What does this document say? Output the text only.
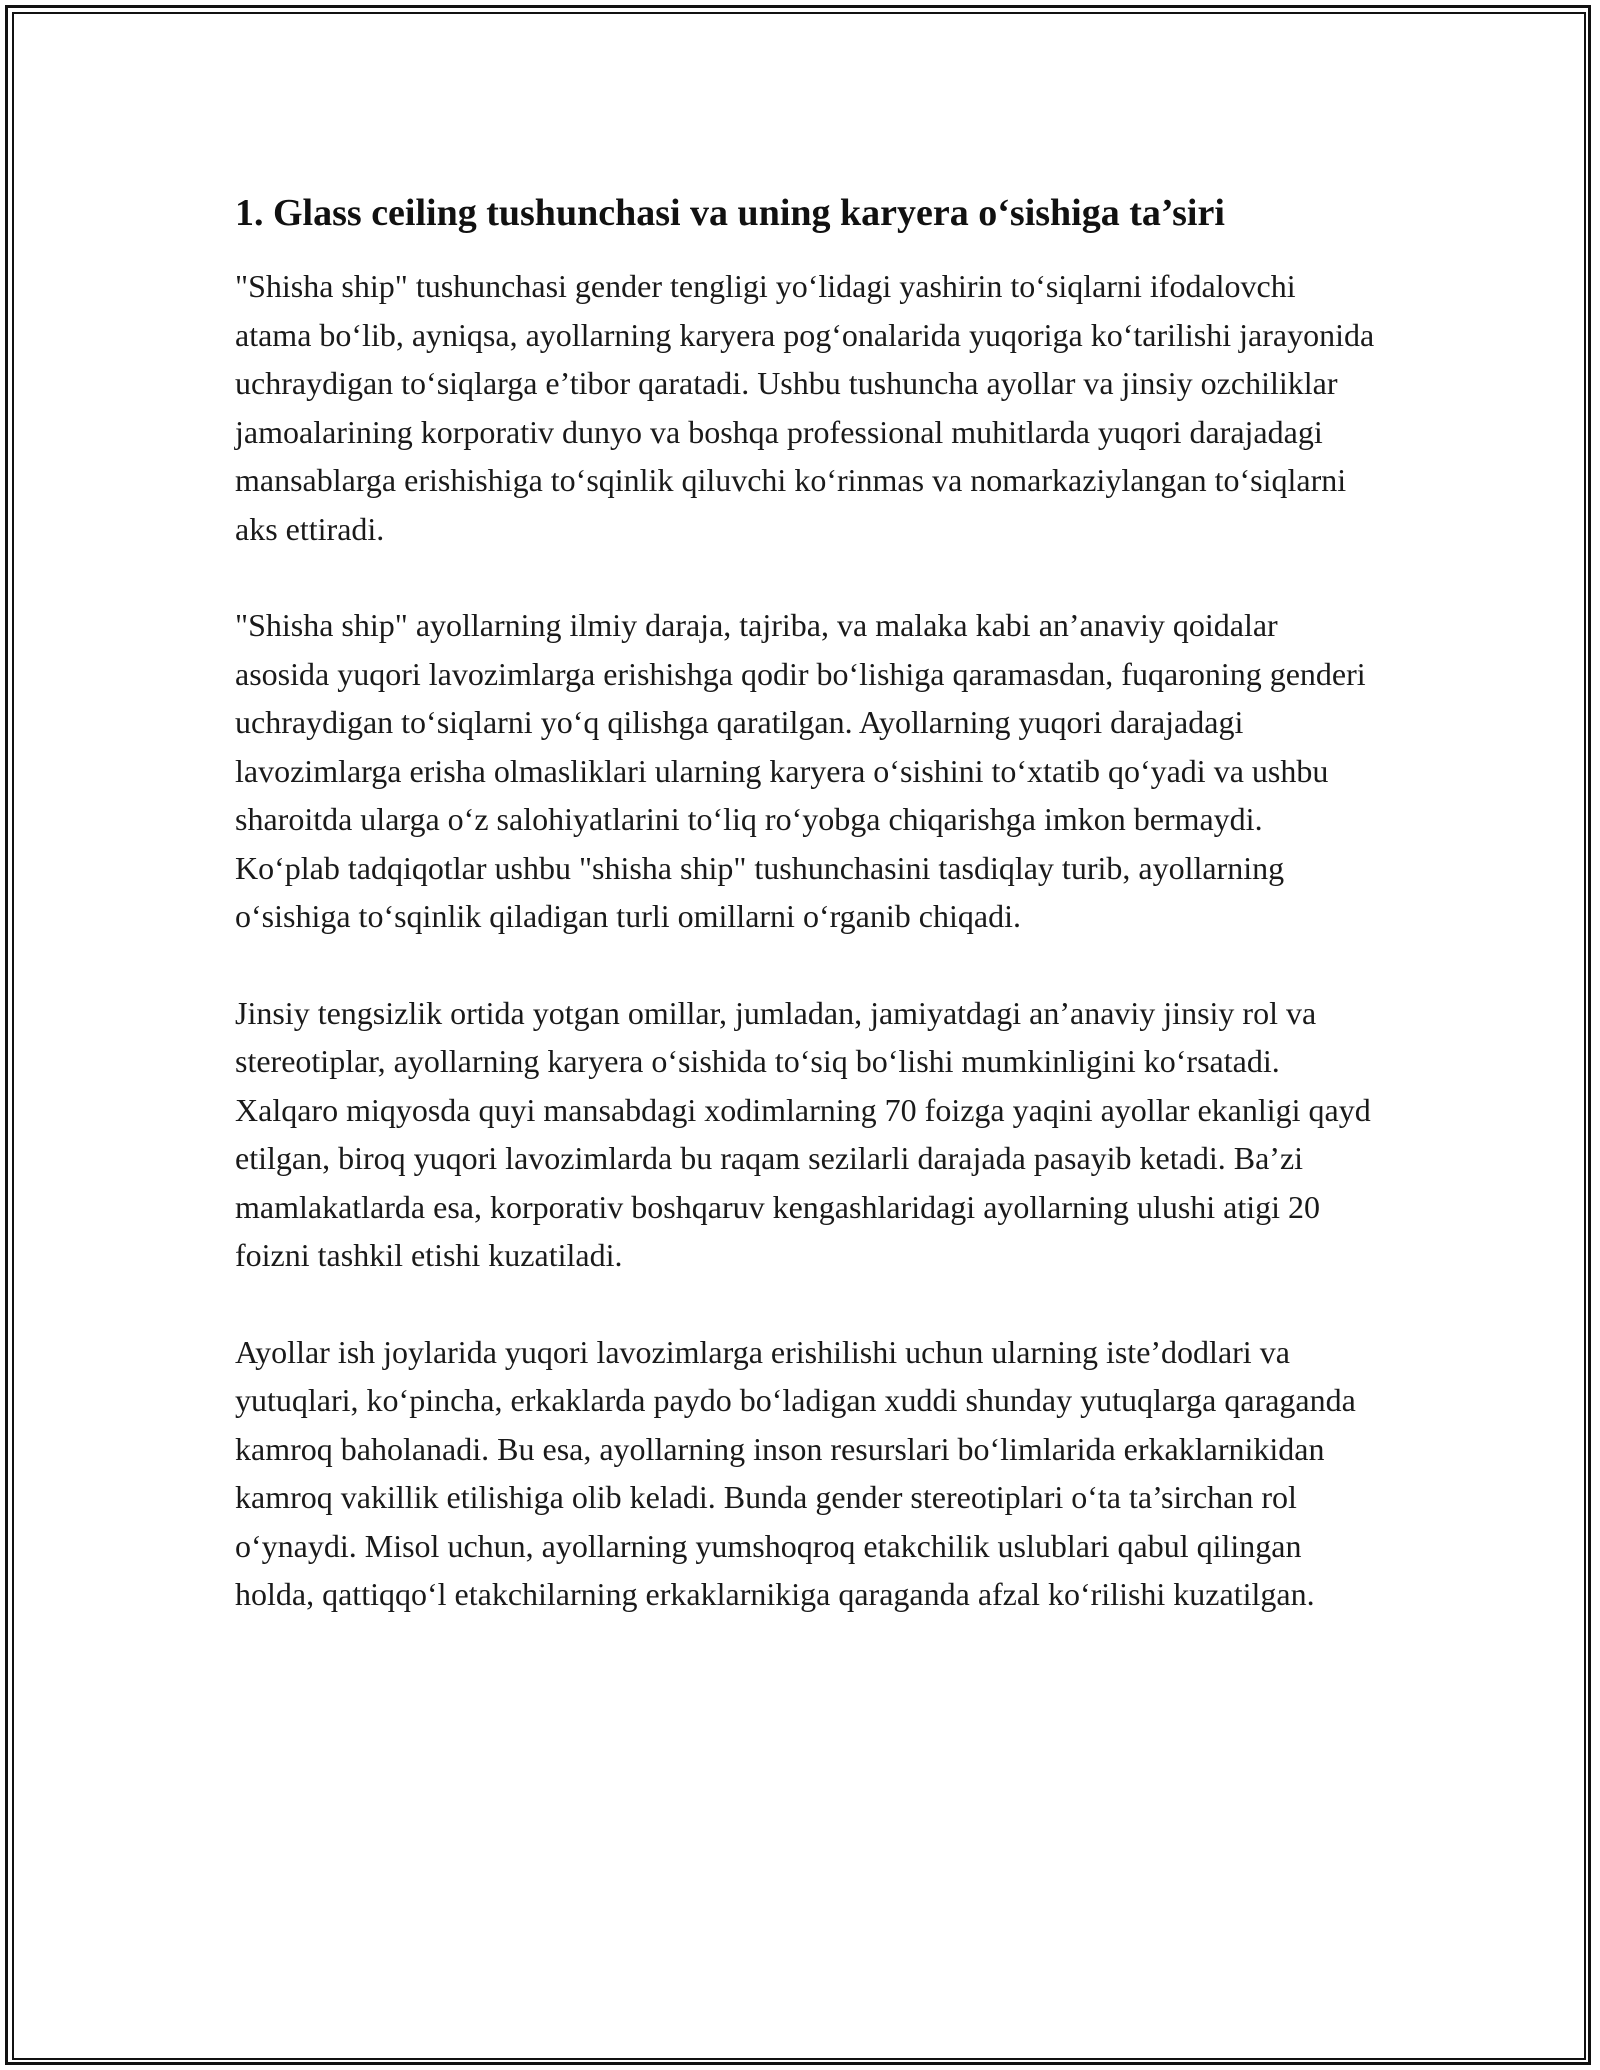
1. Glass ceiling tushunchasi va uning karyera o‘sishiga ta’siri

"Shisha ship" tushunchasi gender tengligi yo‘lidagi yashirin to‘siqlarni ifodalovchi atama bo‘lib, ayniqsa, ayollarning karyera pog‘onalarida yuqoriga ko‘tarilishi jarayonida uchraydigan to‘siqlarga e’tibor qaratadi. Ushbu tushuncha ayollar va jinsiy ozchiliklar jamoalarining korporativ dunyo va boshqa professional muhitlarda yuqori darajadagi mansablarga erishishiga to‘sqinlik qiluvchi ko‘rinmas va nomarkaziylangan to‘siqlarni aks ettiradi.

"Shisha ship" ayollarning ilmiy daraja, tajriba, va malaka kabi an’anaviy qoidalar asosida yuqori lavozimlarga erishishga qodir bo‘lishiga qaramasdan, fuqaroning genderi uchraydigan to‘siqlarni yo‘q qilishga qaratilgan. Ayollarning yuqori darajadagi lavozimlarga erisha olmasliklari ularning karyera o‘sishini to‘xtatib qo‘yadi va ushbu sharoitda ularga o‘z salohiyatlarini to‘liq ro‘yobga chiqarishga imkon bermaydi. Ko‘plab tadqiqotlar ushbu "shisha ship" tushunchasini tasdiqlay turib, ayollarning o‘sishiga to‘sqinlik qiladigan turli omillarni o‘rganib chiqadi.

Jinsiy tengsizlik ortida yotgan omillar, jumladan, jamiyatdagi an’anaviy jinsiy rol va stereotiplar, ayollarning karyera o‘sishida to‘siq bo‘lishi mumkinligini ko‘rsatadi. Xalqaro miqyosda quyi mansabdagi xodimlarning 70 foizga yaqini ayollar ekanligi qayd etilgan, biroq yuqori lavozimlarda bu raqam sezilarli darajada pasayib ketadi. Ba’zi mamlakatlarda esa, korporativ boshqaruv kengashlaridagi ayollarning ulushi atigi 20 foizni tashkil etishi kuzatiladi.

Ayollar ish joylarida yuqori lavozimlarga erishilishi uchun ularning iste’dodlari va yutuqlari, ko‘pincha, erkaklarda paydo bo‘ladigan xuddi shunday yutuqlarga qaraganda kamroq baholanadi. Bu esa, ayollarning inson resurslari bo‘limlarida erkaklarnikidan kamroq vakillik etilishiga olib keladi. Bunda gender stereotiplari o‘ta ta’sirchan rol o‘ynaydi. Misol uchun, ayollarning yumshoqroq etakchilik uslublari qabul qilingan holda, qattiqqo‘l etakchilarning erkaklarnikiga qaraganda afzal ko‘rilishi kuzatilgan.
